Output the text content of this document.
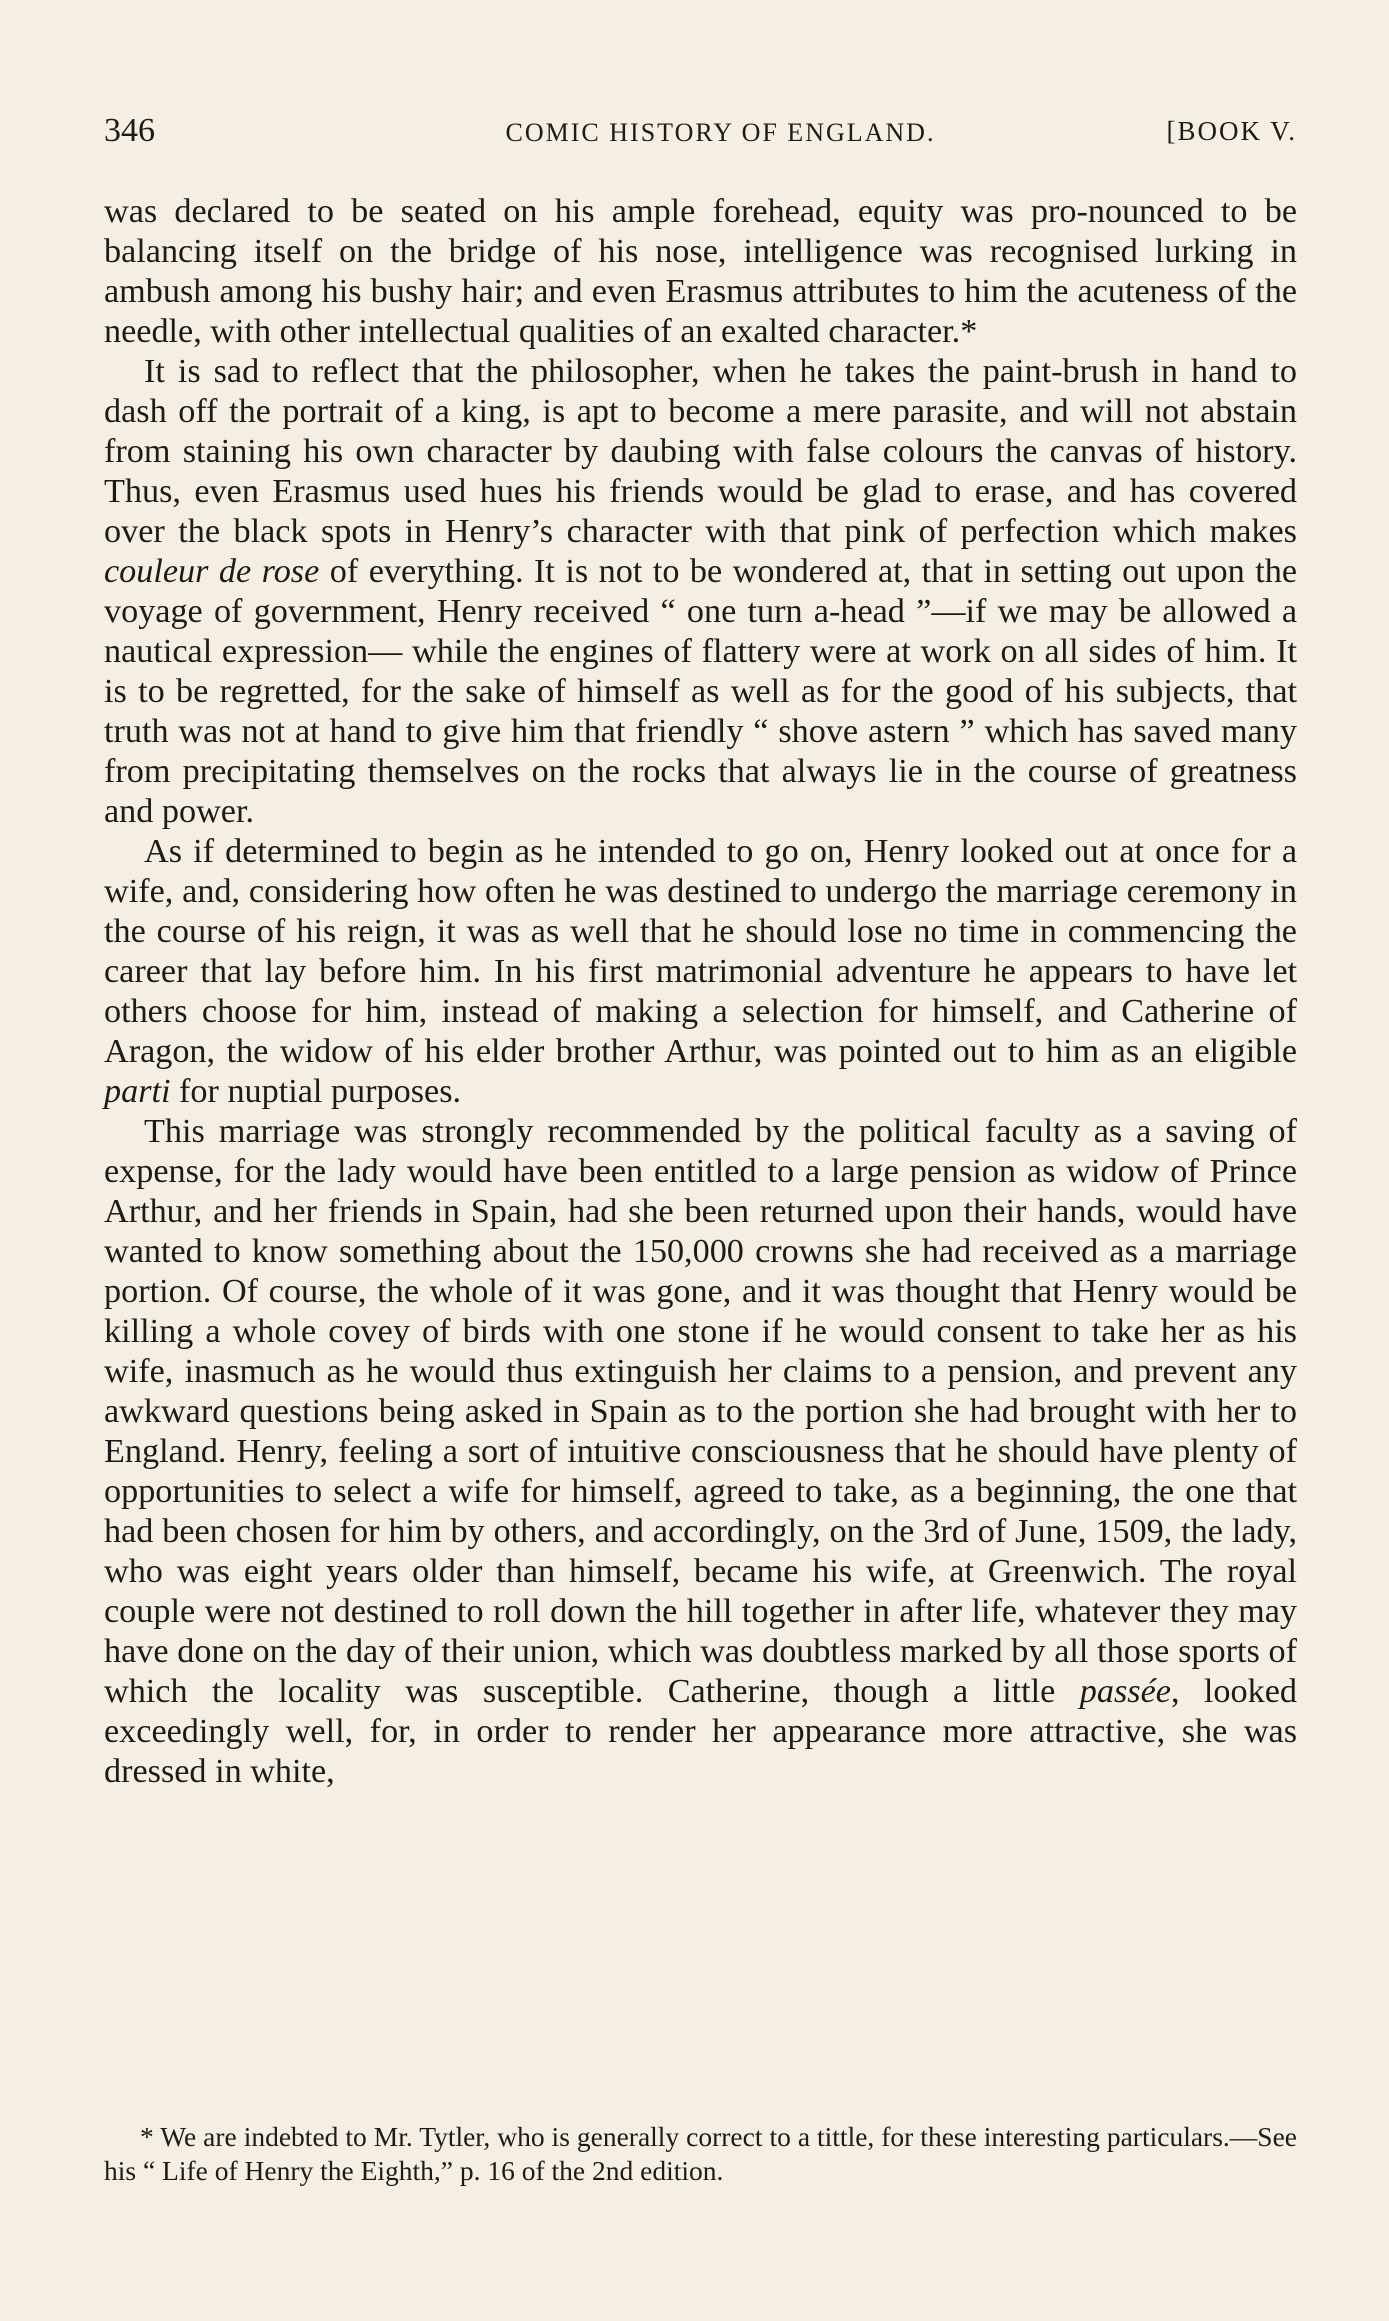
346	COMIC HISTORY OF ENGLAND.	[BOOK V.

was declared to be seated on his ample forehead, equity was pro-nounced to be balancing itself on the bridge of his nose, intelligence was recognised lurking in ambush among his bushy hair; and even Erasmus attributes to him the acuteness of the needle, with other intellectual qualities of an exalted character.*

It is sad to reflect that the philosopher, when he takes the paint-brush in hand to dash off the portrait of a king, is apt to become a mere parasite, and will not abstain from staining his own character by daubing with false colours the canvas of history. Thus, even Erasmus used hues his friends would be glad to erase, and has covered over the black spots in Henry’s character with that pink of perfection which makes couleur de rose of everything. It is not to be wondered at, that in setting out upon the voyage of government, Henry received “ one turn a-head ”—if we may be allowed a nautical expression— while the engines of flattery were at work on all sides of him. It is to be regretted, for the sake of himself as well as for the good of his subjects, that truth was not at hand to give him that friendly “ shove astern ” which has saved many from precipitating themselves on the rocks that always lie in the course of greatness and power.

As if determined to begin as he intended to go on, Henry looked out at once for a wife, and, considering how often he was destined to undergo the marriage ceremony in the course of his reign, it was as well that he should lose no time in commencing the career that lay before him. In his first matrimonial adventure he appears to have let others choose for him, instead of making a selection for himself, and Catherine of Aragon, the widow of his elder brother Arthur, was pointed out to him as an eligible parti for nuptial purposes.

This marriage was strongly recommended by the political faculty as a saving of expense, for the lady would have been entitled to a large pension as widow of Prince Arthur, and her friends in Spain, had she been returned upon their hands, would have wanted to know something about the 150,000 crowns she had received as a marriage portion. Of course, the whole of it was gone, and it was thought that Henry would be killing a whole covey of birds with one stone if he would consent to take her as his wife, inasmuch as he would thus extinguish her claims to a pension, and prevent any awkward questions being asked in Spain as to the portion she had brought with her to England. Henry, feeling a sort of intuitive consciousness that he should have plenty of opportunities to select a wife for himself, agreed to take, as a beginning, the one that had been chosen for him by others, and accordingly, on the 3rd of June, 1509, the lady, who was eight years older than himself, became his wife, at Greenwich. The royal couple were not destined to roll down the hill together in after life, whatever they may have done on the day of their union, which was doubtless marked by all those sports of which the locality was susceptible. Catherine, though a little passée, looked exceedingly well, for, in order to render her appearance more attractive, she was dressed in white,

* We are indebted to Mr. Tytler, who is generally correct to a tittle, for these interesting particulars.—See his “ Life of Henry the Eighth,” p. 16 of the 2nd edition.
